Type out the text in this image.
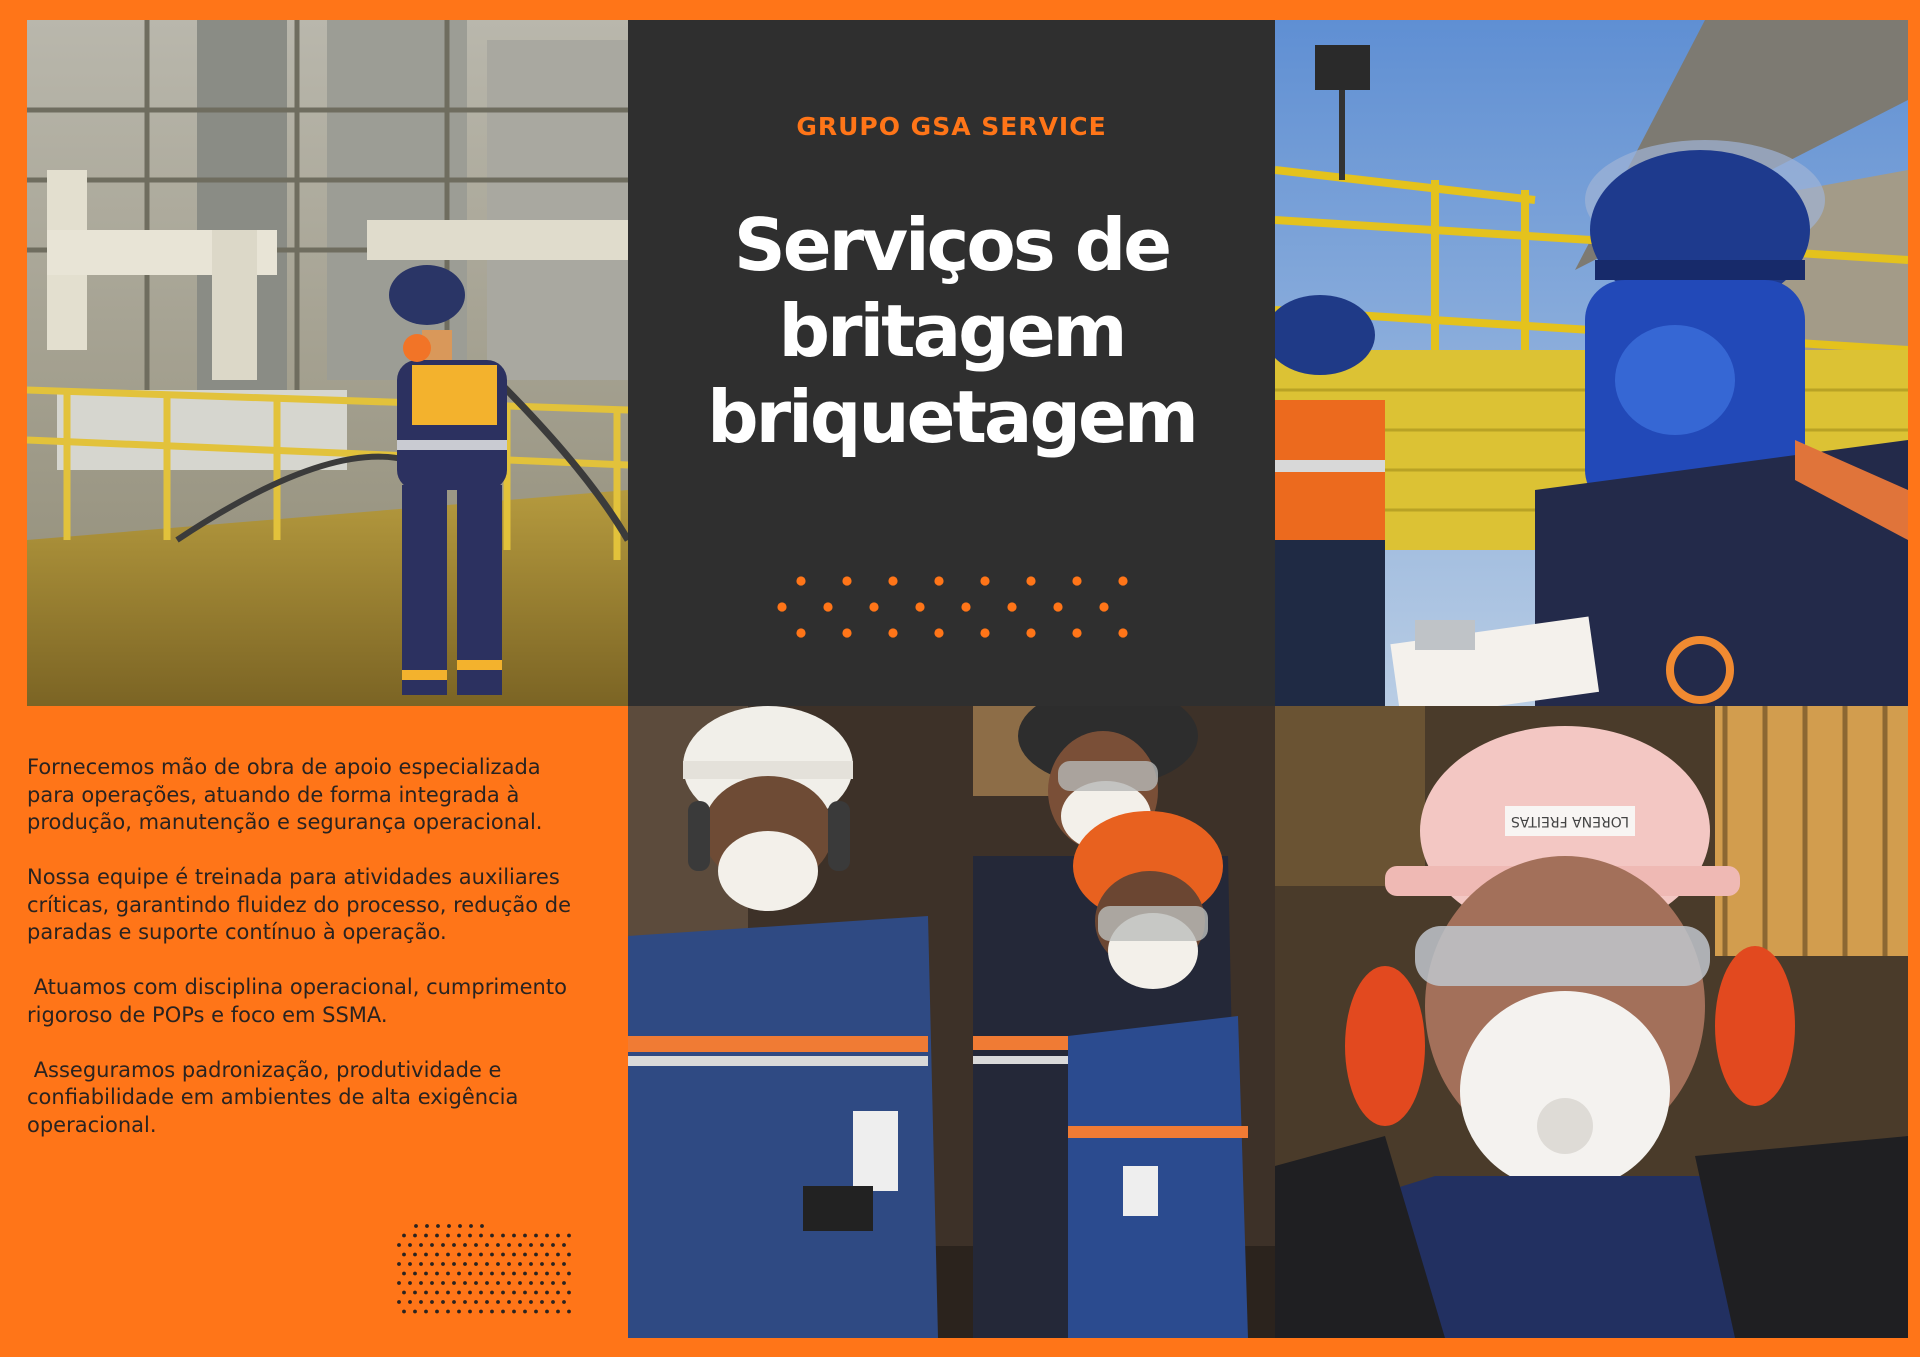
GRUPO GSA SERVICE
Serviços de
britagem
briquetagem

Fornecemos mão de obra de apoio especializada para operações, atuando de forma integrada à produção, manutenção e segurança operacional.

Nossa equipe é treinada para atividades auxiliares críticas, garantindo fluidez do processo, redução de paradas e suporte contínuo à operação.

Atuamos com disciplina operacional, cumprimento rigoroso de POPs e foco em SSMA.

Asseguramos padronização, produtividade e confiabilidade em ambientes de alta exigência operacional.

LORENA FREITAS
